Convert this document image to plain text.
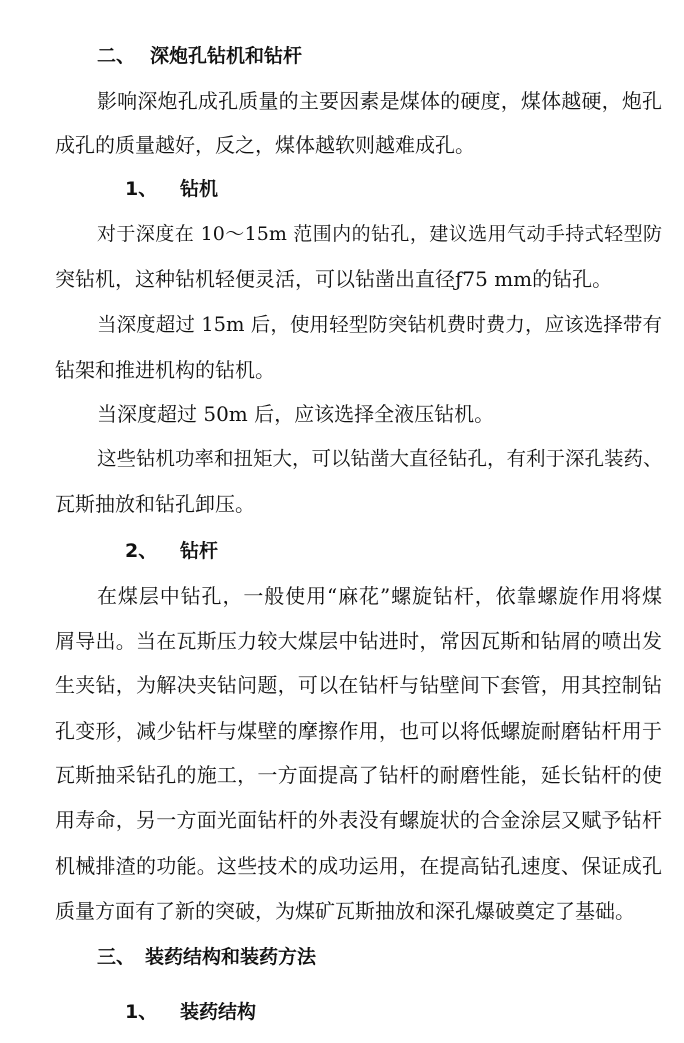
二、 深炮孔钻机和钻杆
影响深炮孔成孔质量的主要因素是煤体的硬度，煤体越硬，炮孔
成孔的质量越好，反之，煤体越软则越难成孔。
1、 钻机
对于深度在 10～15m 范围内的钻孔，建议选用气动手持式轻型防
突钻机，这种钻机轻便灵活，可以钻凿出直径ƒ75 mm的钻孔。
当深度超过 15m 后，使用轻型防突钻机费时费力，应该选择带有
钻架和推进机构的钻机。
当深度超过 50m 后，应该选择全液压钻机。
这些钻机功率和扭矩大，可以钻凿大直径钻孔，有利于深孔装药、
瓦斯抽放和钻孔卸压。
2、 钻杆
在煤层中钻孔，一般使用“麻花”螺旋钻杆，依靠螺旋作用将煤
屑导出。当在瓦斯压力较大煤层中钻进时，常因瓦斯和钻屑的喷出发
生夹钻，为解决夹钻问题，可以在钻杆与钻壁间下套管，用其控制钻
孔变形，减少钻杆与煤壁的摩擦作用，也可以将低螺旋耐磨钻杆用于
瓦斯抽采钻孔的施工，一方面提高了钻杆的耐磨性能，延长钻杆的使
用寿命，另一方面光面钻杆的外表没有螺旋状的合金涂层又赋予钻杆
机械排渣的功能。这些技术的成功运用，在提高钻孔速度、保证成孔
质量方面有了新的突破，为煤矿瓦斯抽放和深孔爆破奠定了基础。
三、 装药结构和装药方法
1、 装药结构
